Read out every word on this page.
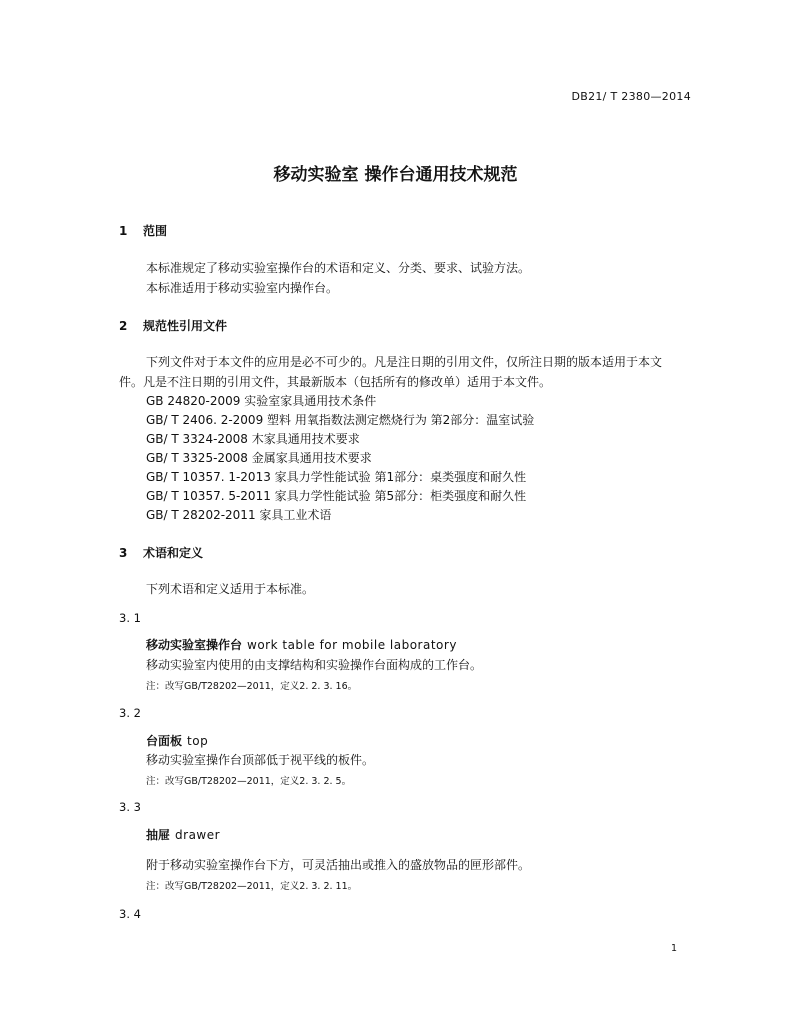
DB21/ T 2380—2014
移动实验室 操作台通用技术规范
1 范围
本标准规定了移动实验室操作台的术语和定义、分类、要求、试验方法。
本标准适用于移动实验室内操作台。
2 规范性引用文件
下列文件对于本文件的应用是必不可少的。凡是注日期的引用文件，仅所注日期的版本适用于本文
件。凡是不注日期的引用文件，其最新版本（包括所有的修改单）适用于本文件。
GB 24820-2009 实验室家具通用技术条件
GB/ T 2406. 2-2009 塑料 用氧指数法测定燃烧行为 第2部分：温室试验
GB/ T 3324-2008 木家具通用技术要求
GB/ T 3325-2008 金属家具通用技术要求
GB/ T 10357. 1-2013 家具力学性能试验 第1部分：桌类强度和耐久性
GB/ T 10357. 5-2011 家具力学性能试验 第5部分：柜类强度和耐久性
GB/ T 28202-2011 家具工业术语
3 术语和定义
下列术语和定义适用于本标准。
3. 1
移动实验室操作台 work table for mobile laboratory
移动实验室内使用的由支撑结构和实验操作台面构成的工作台。
注：改写GB/T28202—2011，定义2. 2. 3. 16。
3. 2
台面板 top
移动实验室操作台顶部低于视平线的板件。
注：改写GB/T28202—2011，定义2. 3. 2. 5。
3. 3
抽屉 drawer
附于移动实验室操作台下方，可灵活抽出或推入的盛放物品的匣形部件。
注：改写GB/T28202—2011，定义2. 3. 2. 11。
3. 4
1
